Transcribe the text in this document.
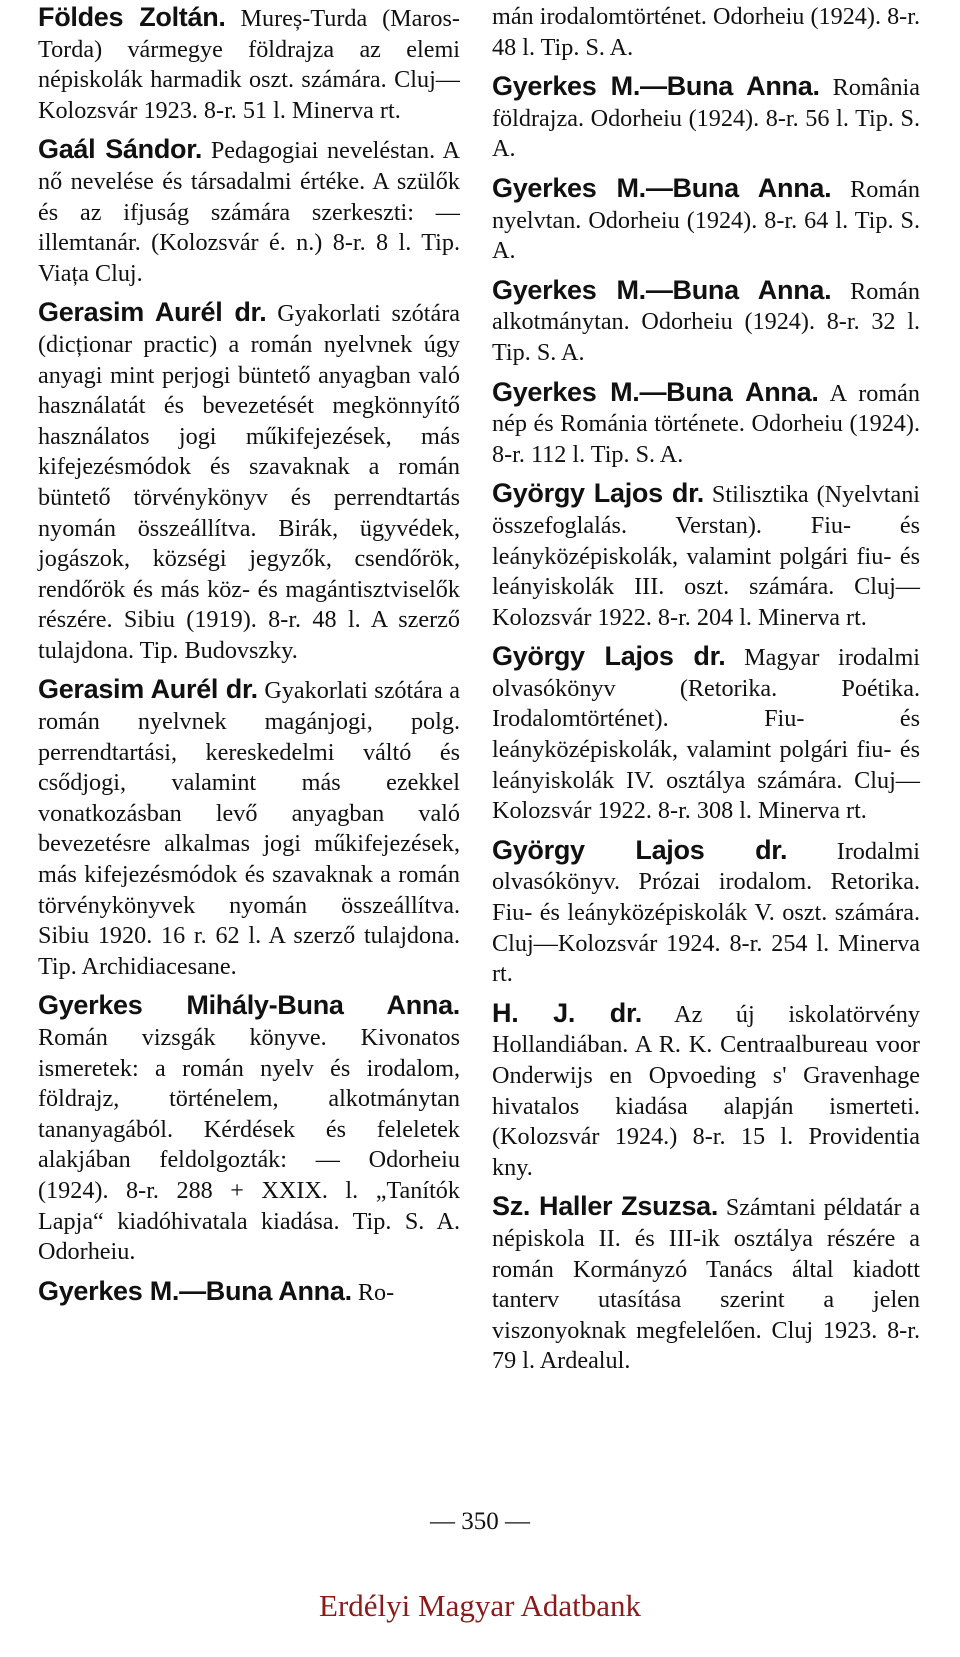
Földes Zoltán. Mureș-Turda (Maros-Torda) vármegye földrajza az elemi népiskolák harmadik oszt. számára. Cluj—Kolozsvár 1923. 8-r. 51 l. Minerva rt.

Gaál Sándor. Pedagogiai neveléstan. A nő nevelése és társadalmi értéke. A szülők és az ifjuság számára szerkeszti: — illemtanár. (Kolozsvár é. n.) 8-r. 8 l. Tip. Viața Cluj.

Gerasim Aurél dr. Gyakorlati szótára (dicționar practic) a román nyelvnek úgy anyagi mint perjogi büntető anyagban való használatát és bevezetését megkönnyítő használatos jogi műkifejezések, más kifejezésmódok és szavaknak a román büntető törvénykönyv és perrendtartás nyomán összeállítva. Birák, ügyvédek, jogászok, községi jegyzők, csendőrök, rendőrök és más köz- és magántisztviselők részére. Sibiu (1919). 8-r. 48 l. A szerző tulajdona. Tip. Budovszky.

Gerasim Aurél dr. Gyakorlati szótára a román nyelvnek magánjogi, polg. perrendtartási, kereskedelmi váltó és csődjogi, valamint más ezekkel vonatkozásban levő anyagban való bevezetésre alkalmas jogi műkifejezések, más kifejezésmódok és szavaknak a román törvénykönyvek nyomán összeállítva. Sibiu 1920. 16 r. 62 l. A szerző tulajdona. Tip. Archidiacesane.

Gyerkes Mihály-Buna Anna. Román vizsgák könyve. Kivonatos ismeretek: a román nyelv és irodalom, földrajz, történelem, alkotmánytan tananyagából. Kérdések és feleletek alakjában feldolgozták: — Odorheiu (1924). 8-r. 288 + XXIX. l. „Tanítók Lapja“ kiadóhivatala kiadása. Tip. S. A. Odorheiu.

Gyerkes M.—Buna Anna. Ro-

mán irodalomtörténet. Odorheiu (1924). 8-r. 48 l. Tip. S. A.

Gyerkes M.—Buna Anna. România földrajza. Odorheiu (1924). 8-r. 56 l. Tip. S. A.

Gyerkes M.—Buna Anna. Román nyelvtan. Odorheiu (1924). 8-r. 64 l. Tip. S. A.

Gyerkes M.—Buna Anna. Román alkotmánytan. Odorheiu (1924). 8-r. 32 l. Tip. S. A.

Gyerkes M.—Buna Anna. A román nép és Románia története. Odorheiu (1924). 8-r. 112 l. Tip. S. A.

György Lajos dr. Stilisztika (Nyelvtani összefoglalás. Verstan). Fiu- és leányközépiskolák, valamint polgári fiu- és leányiskolák III. oszt. számára. Cluj—Kolozsvár 1922. 8-r. 204 l. Minerva rt.

György Lajos dr. Magyar irodalmi olvasókönyv (Retorika. Poétika. Irodalomtörténet). Fiu- és leányközépiskolák, valamint polgári fiu- és leányiskolák IV. osztálya számára. Cluj—Kolozsvár 1922. 8-r. 308 l. Minerva rt.

György Lajos dr. Irodalmi olvasókönyv. Prózai irodalom. Retorika. Fiu- és leányközépiskolák V. oszt. számára. Cluj—Kolozsvár 1924. 8-r. 254 l. Minerva rt.

H. J. dr. Az új iskolatörvény Hollandiában. A R. K. Centraalbureau voor Onderwijs en Opvoeding s' Gravenhage hivatalos kiadása alapján ismerteti. (Kolozsvár 1924.) 8-r. 15 l. Providentia kny.

Sz. Haller Zsuzsa. Számtani példatár a népiskola II. és III-ik osztálya részére a román Kormányzó Tanács által kiadott tanterv utasítása szerint a jelen viszonyoknak megfelelően. Cluj 1923. 8-r. 79 l. Ardealul.

— 350 —
Erdélyi Magyar Adatbank
